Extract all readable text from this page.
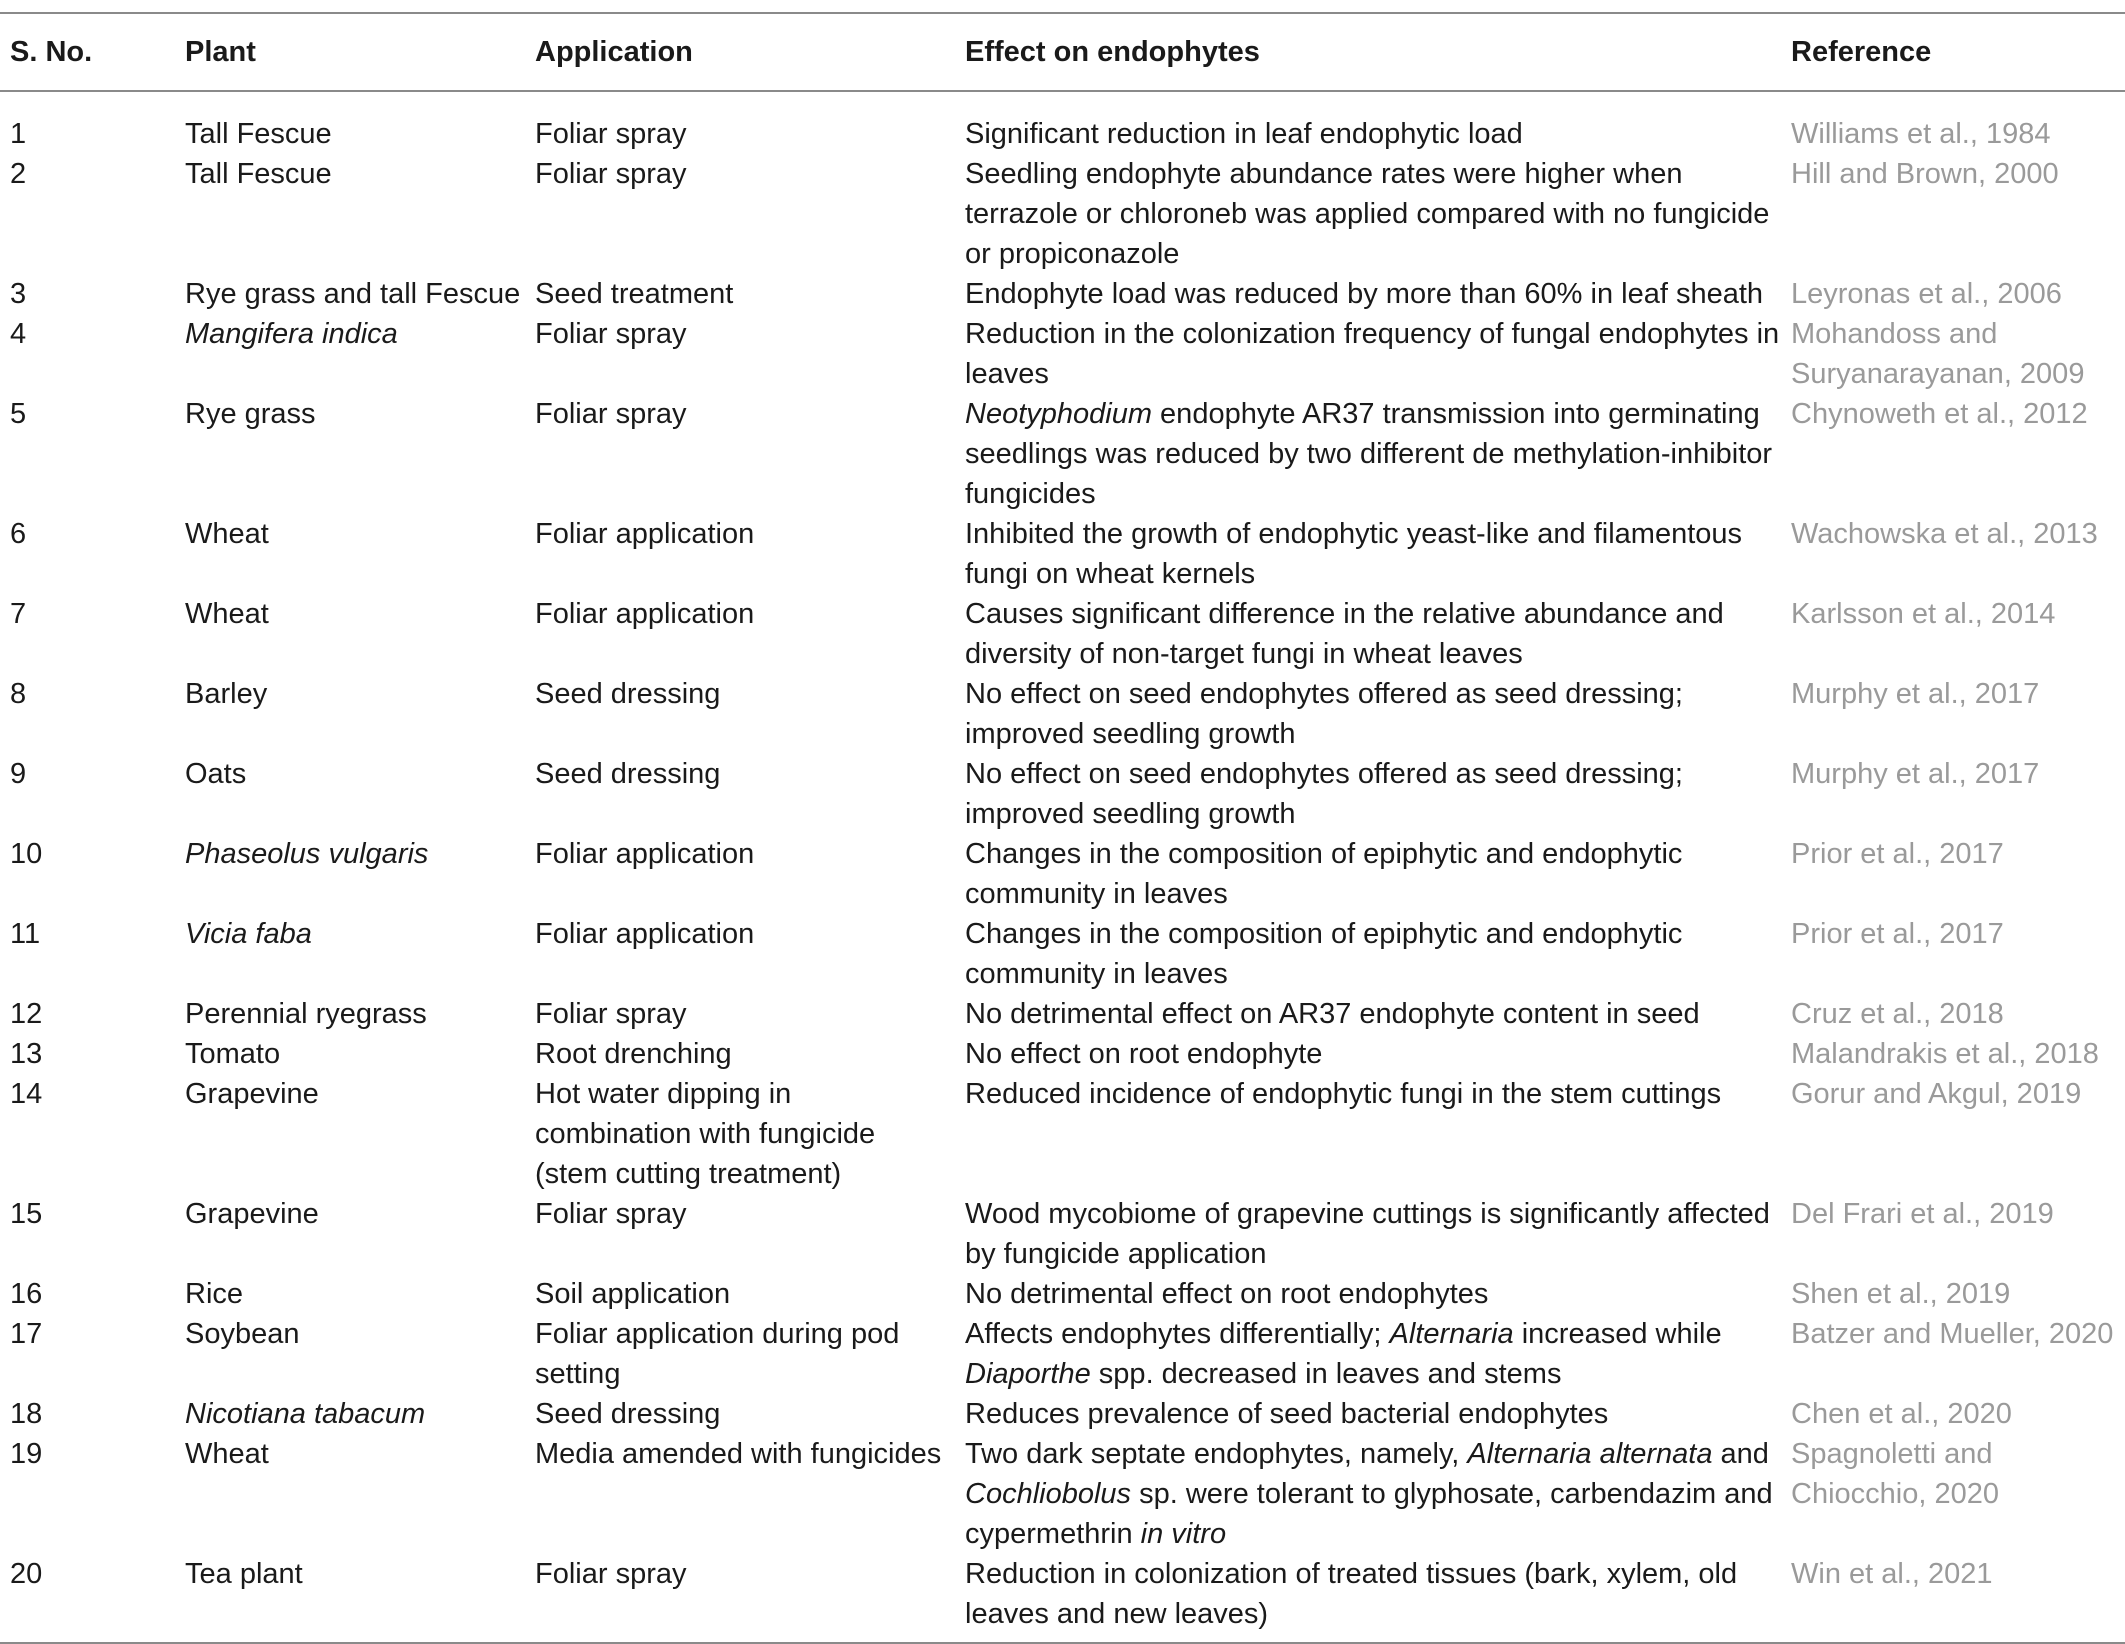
S. No.	Plant	Application	Effect on endophytes	Reference
1	Tall Fescue	Foliar spray	Significant reduction in leaf endophytic load	Williams et al., 1984

2	Tall Fescue	Foliar spray	Seedling endophyte abundance rates were higher when
terrazole or chloroneb was applied compared with no fungicide
or propiconazole	Hill and Brown, 2000

3	Rye grass and tall Fescue	Seed treatment	Endophyte load was reduced by more than 60% in leaf sheath	Leyronas et al., 2006

4	Mangifera indica	Foliar spray	Reduction in the colonization frequency of fungal endophytes in
leaves	Mohandoss and
Suryanarayanan, 2009

5	Rye grass	Foliar spray	Neotyphodium endophyte AR37 transmission into germinating
seedlings was reduced by two different de methylation-inhibitor
fungicides	Chynoweth et al., 2012

6	Wheat	Foliar application	Inhibited the growth of endophytic yeast-like and filamentous
fungi on wheat kernels	Wachowska et al., 2013

7	Wheat	Foliar application	Causes significant difference in the relative abundance and
diversity of non-target fungi in wheat leaves	Karlsson et al., 2014

8	Barley	Seed dressing	No effect on seed endophytes offered as seed dressing;
improved seedling growth	Murphy et al., 2017

9	Oats	Seed dressing	No effect on seed endophytes offered as seed dressing;
improved seedling growth	Murphy et al., 2017

10	Phaseolus vulgaris	Foliar application	Changes in the composition of epiphytic and endophytic
community in leaves	Prior et al., 2017

11	Vicia faba	Foliar application	Changes in the composition of epiphytic and endophytic
community in leaves	Prior et al., 2017

12	Perennial ryegrass	Foliar spray	No detrimental effect on AR37 endophyte content in seed	Cruz et al., 2018

13	Tomato	Root drenching	No effect on root endophyte	Malandrakis et al., 2018

14	Grapevine	Hot water dipping in
combination with fungicide
(stem cutting treatment)	Reduced incidence of endophytic fungi in the stem cuttings	Gorur and Akgul, 2019

15	Grapevine	Foliar spray	Wood mycobiome of grapevine cuttings is significantly affected
by fungicide application	Del Frari et al., 2019

16	Rice	Soil application	No detrimental effect on root endophytes	Shen et al., 2019

17	Soybean	Foliar application during pod
setting	Affects endophytes differentially; Alternaria increased while
Diaporthe spp. decreased in leaves and stems	Batzer and Mueller, 2020

18	Nicotiana tabacum	Seed dressing	Reduces prevalence of seed bacterial endophytes	Chen et al., 2020

19	Wheat	Media amended with fungicides	Two dark septate endophytes, namely, Alternaria alternata and
Cochliobolus sp. were tolerant to glyphosate, carbendazim and
cypermethrin in vitro	Spagnoletti and
Chiocchio, 2020

20	Tea plant	Foliar spray	Reduction in colonization of treated tissues (bark, xylem, old
leaves and new leaves)	Win et al., 2021
